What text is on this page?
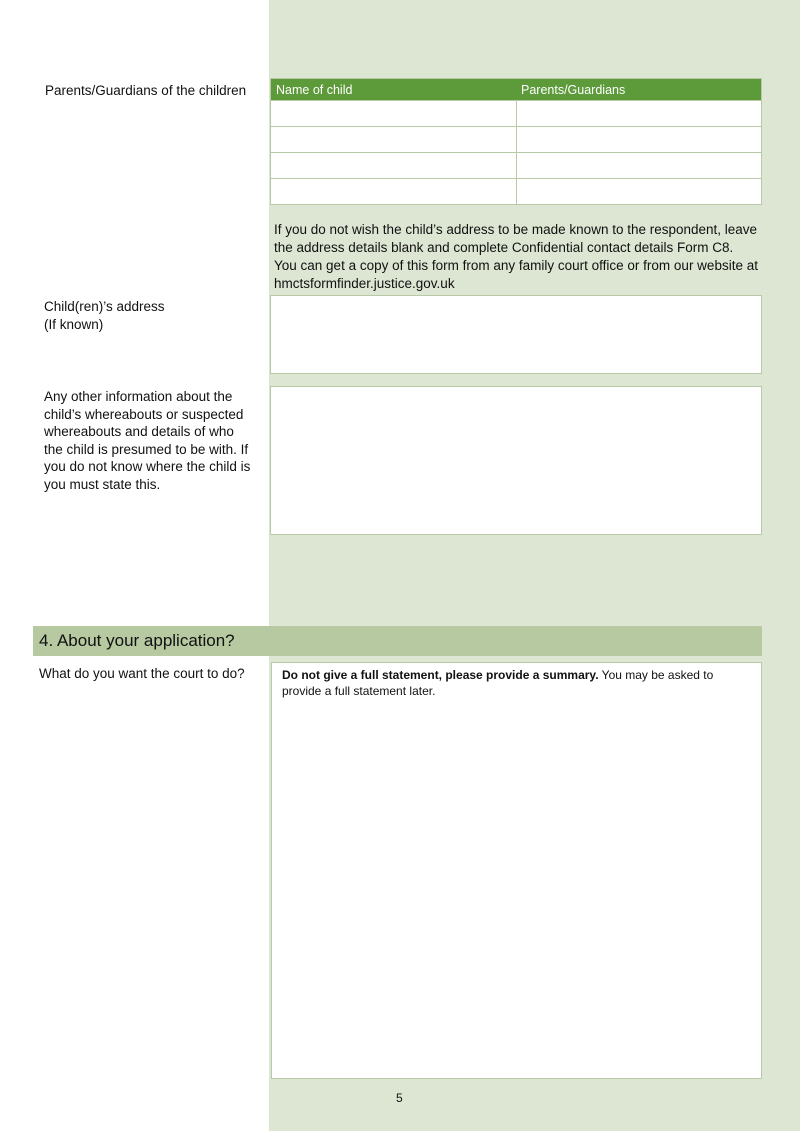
Parents/Guardians of the children Name of child	Parents/Guardians

If you do not wish the child’s address to be made known to the respondent, leave the address details blank and complete Confidential contact details Form C8. You can get a copy of this form from any family court office or from our website at hmctsformfinder.justice.gov.uk
Child(ren)’s address
(If known)
Any other information about the child’s whereabouts or suspected whereabouts and details of who the child is presumed to be with. If you do not know where the child is you must state this.
4. About your application?
What do you want the court to do?	Do not give a full statement, please provide a summary. You may be asked to provide a full statement later.
5
